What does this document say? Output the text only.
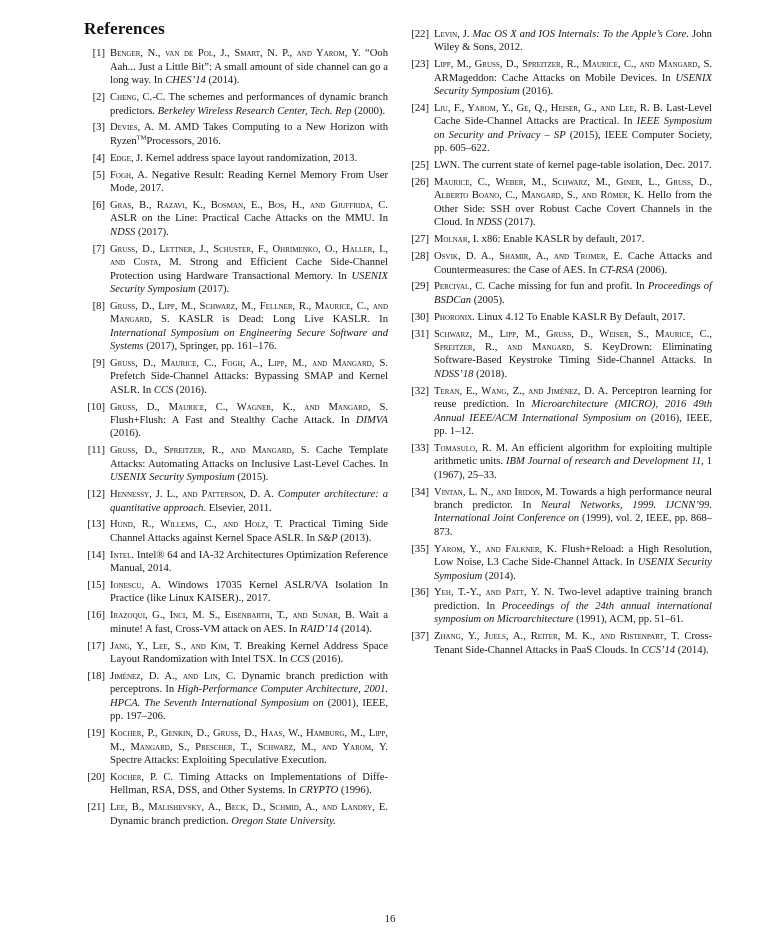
References
[1] Benger, N., van de Pol, J., Smart, N. P., and Yarom, Y. “Ooh Aah... Just a Little Bit”: A small amount of side channel can go a long way. In CHES’14 (2014).
[2] Cheng, C.-C. The schemes and performances of dynamic branch predictors. Berkeley Wireless Research Center, Tech. Rep (2000).
[3] Devies, A. M. AMD Takes Computing to a New Horizon with Ryzen™Processors, 2016.
[4] Edge, J. Kernel address space layout randomization, 2013.
[5] Fogh, A. Negative Result: Reading Kernel Memory From User Mode, 2017.
[6] Gras, B., Razavi, K., Bosman, E., Bos, H., and Giuffrida, C. ASLR on the Line: Practical Cache Attacks on the MMU. In NDSS (2017).
[7] Gruss, D., Lettner, J., Schuster, F., Ohrimenko, O., Haller, I., and Costa, M. Strong and Efficient Cache Side-Channel Protection using Hardware Transactional Memory. In USENIX Security Symposium (2017).
[8] Gruss, D., Lipp, M., Schwarz, M., Fellner, R., Maurice, C., and Mangard, S. KASLR is Dead: Long Live KASLR. In International Symposium on Engineering Secure Software and Systems (2017), Springer, pp. 161–176.
[9] Gruss, D., Maurice, C., Fogh, A., Lipp, M., and Mangard, S. Prefetch Side-Channel Attacks: Bypassing SMAP and Kernel ASLR. In CCS (2016).
[10] Gruss, D., Maurice, C., Wagner, K., and Mangard, S. Flush+Flush: A Fast and Stealthy Cache Attack. In DIMVA (2016).
[11] Gruss, D., Spreitzer, R., and Mangard, S. Cache Template Attacks: Automating Attacks on Inclusive Last-Level Caches. In USENIX Security Symposium (2015).
[12] Hennessy, J. L., and Patterson, D. A. Computer architecture: a quantitative approach. Elsevier, 2011.
[13] Hund, R., Willems, C., and Holz, T. Practical Timing Side Channel Attacks against Kernel Space ASLR. In S&P (2013).
[14] Intel. Intel® 64 and IA-32 Architectures Optimization Reference Manual, 2014.
[15] Ionescu, A. Windows 17035 Kernel ASLR/VA Isolation In Practice (like Linux KAISER)., 2017.
[16] Irazoqui, G., Inci, M. S., Eisenbarth, T., and Sunar, B. Wait a minute! A fast, Cross-VM attack on AES. In RAID’14 (2014).
[17] Jang, Y., Lee, S., and Kim, T. Breaking Kernel Address Space Layout Randomization with Intel TSX. In CCS (2016).
[18] Jiménez, D. A., and Lin, C. Dynamic branch prediction with perceptrons. In High-Performance Computer Architecture, 2001. HPCA. The Seventh International Symposium on (2001), IEEE, pp. 197–206.
[19] Kocher, P., Genkin, D., Gruss, D., Haas, W., Hamburg, M., Lipp, M., Mangard, S., Prescher, T., Schwarz, M., and Yarom, Y. Spectre Attacks: Exploiting Speculative Execution.
[20] Kocher, P. C. Timing Attacks on Implementations of Diffe-Hellman, RSA, DSS, and Other Systems. In CRYPTO (1996).
[21] Lee, B., Malishevsky, A., Beck, D., Schmid, A., and Landry, E. Dynamic branch prediction. Oregon State University.
[22] Levin, J. Mac OS X and IOS Internals: To the Apple’s Core. John Wiley & Sons, 2012.
[23] Lipp, M., Gruss, D., Spreitzer, R., Maurice, C., and Mangard, S. ARMageddon: Cache Attacks on Mobile Devices. In USENIX Security Symposium (2016).
[24] Liu, F., Yarom, Y., Ge, Q., Heiser, G., and Lee, R. B. Last-Level Cache Side-Channel Attacks are Practical. In IEEE Symposium on Security and Privacy – SP (2015), IEEE Computer Society, pp. 605–622.
[25] LWN. The current state of kernel page-table isolation, Dec. 2017.
[26] Maurice, C., Weber, M., Schwarz, M., Giner, L., Gruss, D., Alberto Boano, C., Mangard, S., and Römer, K. Hello from the Other Side: SSH over Robust Cache Covert Channels in the Cloud. In NDSS (2017).
[27] Molnar, I. x86: Enable KASLR by default, 2017.
[28] Osvik, D. A., Shamir, A., and Tromer, E. Cache Attacks and Countermeasures: the Case of AES. In CT-RSA (2006).
[29] Percival, C. Cache missing for fun and profit. In Proceedings of BSDCan (2005).
[30] Phoronix. Linux 4.12 To Enable KASLR By Default, 2017.
[31] Schwarz, M., Lipp, M., Gruss, D., Weiser, S., Maurice, C., Spreitzer, R., and Mangard, S. KeyDrown: Eliminating Software-Based Keystroke Timing Side-Channel Attacks. In NDSS’18 (2018).
[32] Teran, E., Wang, Z., and Jiménez, D. A. Perceptron learning for reuse prediction. In Microarchitecture (MICRO), 2016 49th Annual IEEE/ACM International Symposium on (2016), IEEE, pp. 1–12.
[33] Tomasulo, R. M. An efficient algorithm for exploiting multiple arithmetic units. IBM Journal of research and Development 11, 1 (1967), 25–33.
[34] Vintan, L. N., and Iridon, M. Towards a high performance neural branch predictor. In Neural Networks, 1999. IJCNN’99. International Joint Conference on (1999), vol. 2, IEEE, pp. 868–873.
[35] Yarom, Y., and Falkner, K. Flush+Reload: a High Resolution, Low Noise, L3 Cache Side-Channel Attack. In USENIX Security Symposium (2014).
[36] Yeh, T.-Y., and Patt, Y. N. Two-level adaptive training branch prediction. In Proceedings of the 24th annual international symposium on Microarchitecture (1991), ACM, pp. 51–61.
[37] Zhang, Y., Juels, A., Reiter, M. K., and Ristenpart, T. Cross-Tenant Side-Channel Attacks in PaaS Clouds. In CCS’14 (2014).
16
